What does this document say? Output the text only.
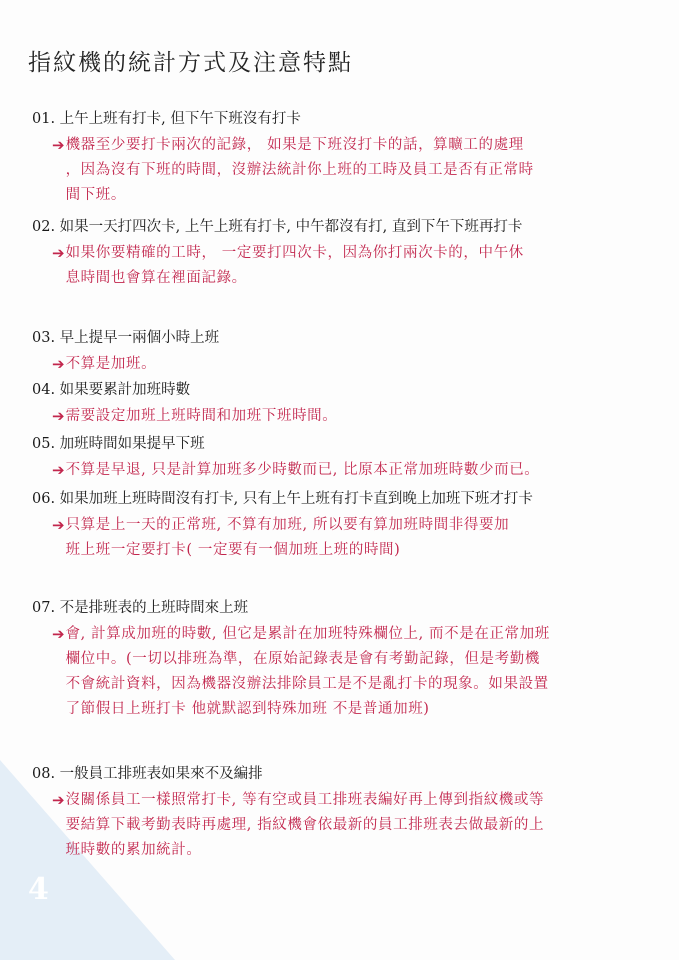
4
指紋機的統計方式及注意特點
01. 上午上班有打卡, 但下午下班沒有打卡
➔ 機器至少要打卡兩次的記錄， 如果是下班沒打卡的話，算曠工的處理
，因為沒有下班的時間，沒辦法統計你上班的工時及員工是否有正常時
間下班。
02. 如果一天打四次卡, 上午上班有打卡, 中午都沒有打, 直到下午下班再打卡
➔ 如果你要精確的工時， 一定要打四次卡，因為你打兩次卡的，中午休
息時間也會算在裡面記錄。
03. 早上提早一兩個小時上班
➔ 不算是加班。
04. 如果要累計加班時數
➔ 需要設定加班上班時間和加班下班時間。
05. 加班時間如果提早下班
➔ 不算是早退, 只是計算加班多少時數而已, 比原本正常加班時數少而已。
06. 如果加班上班時間沒有打卡, 只有上午上班有打卡直到晚上加班下班才打卡
➔ 只算是上一天的正常班, 不算有加班, 所以要有算加班時間非得要加
班上班一定要打卡( 一定要有一個加班上班的時間)
07. 不是排班表的上班時間來上班
➔ 會, 計算成加班的時數, 但它是累計在加班特殊欄位上, 而不是在正常加班
欄位中。(一切以排班為準，在原始記錄表是會有考勤記錄，但是考勤機
不會統計資料，因為機器沒辦法排除員工是不是亂打卡的現象。如果設置
了節假日上班打卡 他就默認到特殊加班 不是普通加班)
08. 一般員工排班表如果來不及編排
➔ 沒關係員工一樣照常打卡, 等有空或員工排班表編好再上傳到指紋機或等
要結算下載考勤表時再處理, 指紋機會依最新的員工排班表去做最新的上
班時數的累加統計。
